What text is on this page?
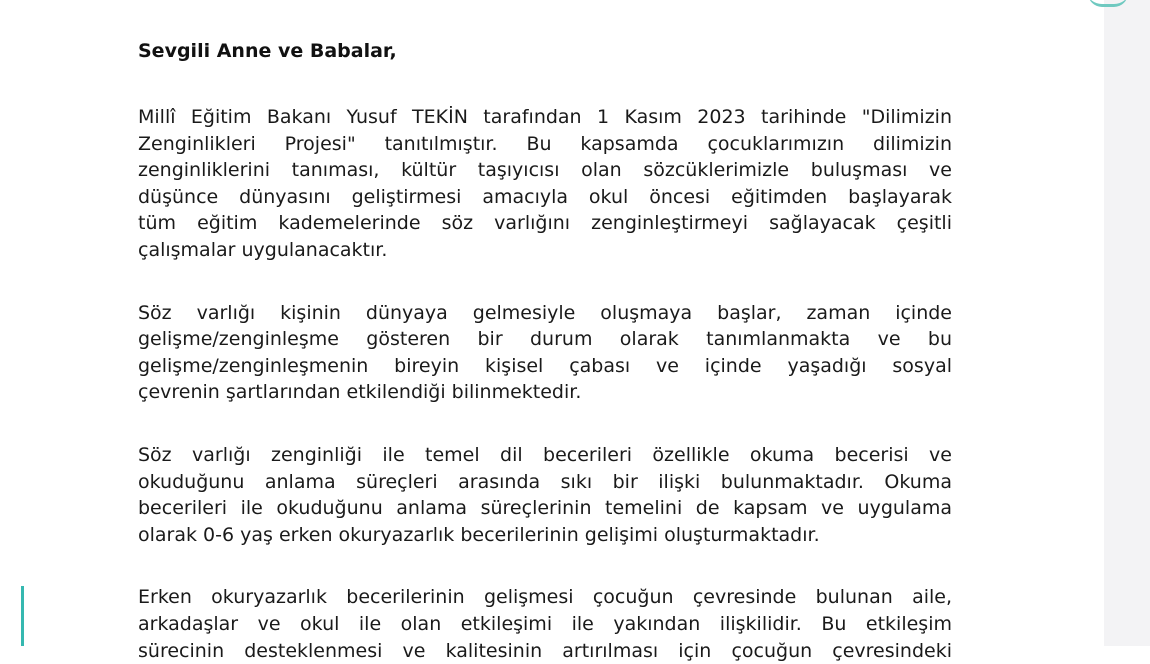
Sevgili Anne ve Babalar,

Millî Eğitim Bakanı Yusuf TEKİN tarafından 1 Kasım 2023 tarihinde "Dilimizin
Zenginlikleri Projesi" tanıtılmıştır. Bu kapsamda çocuklarımızın dilimizin
zenginliklerini tanıması, kültür taşıyıcısı olan sözcüklerimizle buluşması ve
düşünce dünyasını geliştirmesi amacıyla okul öncesi eğitimden başlayarak
tüm eğitim kademelerinde söz varlığını zenginleştirmeyi sağlayacak çeşitli
çalışmalar uygulanacaktır.

Söz varlığı kişinin dünyaya gelmesiyle oluşmaya başlar, zaman içinde
gelişme/zenginleşme gösteren bir durum olarak tanımlanmakta ve bu
gelişme/zenginleşmenin bireyin kişisel çabası ve içinde yaşadığı sosyal
çevrenin şartlarından etkilendiği bilinmektedir.

Söz varlığı zenginliği ile temel dil becerileri özellikle okuma becerisi ve
okuduğunu anlama süreçleri arasında sıkı bir ilişki bulunmaktadır. Okuma
becerileri ile okuduğunu anlama süreçlerinin temelini de kapsam ve uygulama
olarak 0-6 yaş erken okuryazarlık becerilerinin gelişimi oluşturmaktadır.

Erken okuryazarlık becerilerinin gelişmesi çocuğun çevresinde bulunan aile,
arkadaşlar ve okul ile olan etkileşimi ile yakından ilişkilidir. Bu etkileşim
sürecinin desteklenmesi ve kalitesinin artırılması için çocuğun çevresindeki
